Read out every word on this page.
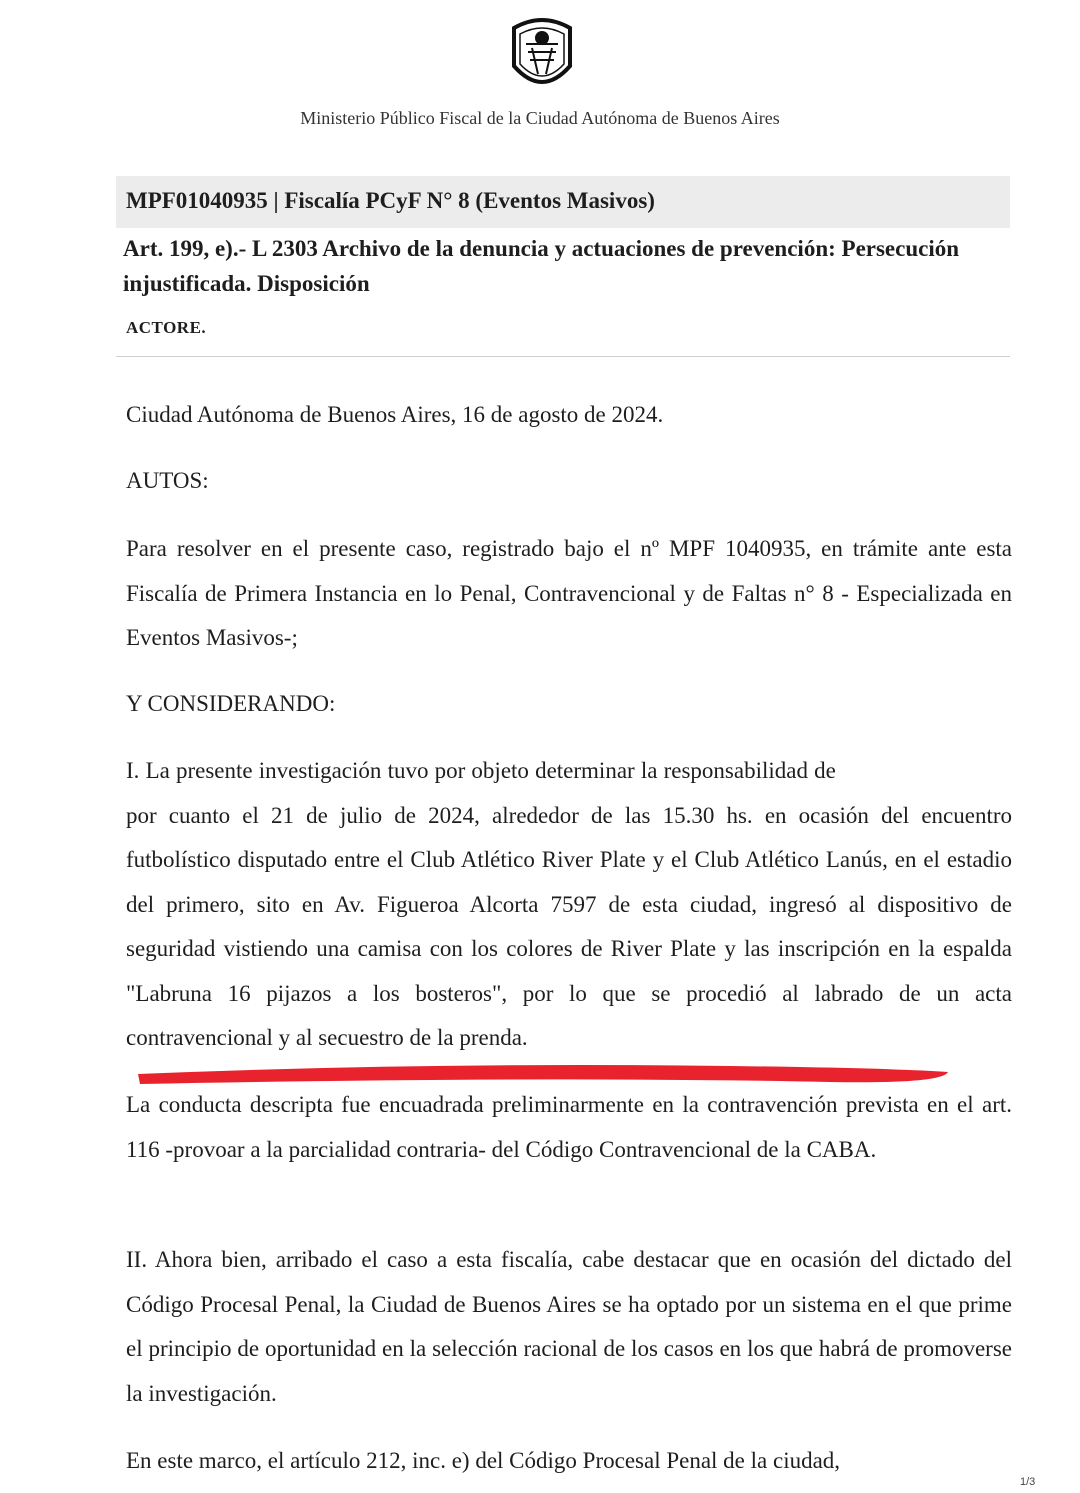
Ministerio Público Fiscal de la Ciudad Autónoma de Buenos Aires
MPF01040935 | Fiscalía PCyF N° 8 (Eventos Masivos)
Art. 199, e).- L 2303 Archivo de la denuncia y actuaciones de prevención: Persecución injustificada. Disposición
ACTORE.
Ciudad Autónoma de Buenos Aires, 16 de agosto de 2024.
AUTOS:
Para resolver en el presente caso, registrado bajo el nº MPF 1040935, en trámite ante esta Fiscalía de Primera Instancia en lo Penal, Contravencional y de Faltas n° 8 - Especializada en Eventos Masivos-;
Y CONSIDERANDO:
I. La presente investigación tuvo por objeto determinar la responsabilidad de  por cuanto el 21 de julio de 2024, alrededor de las 15.30 hs. en ocasión del encuentro futbolístico disputado entre el Club Atlético River Plate y el Club Atlético Lanús, en el estadio del primero, sito en Av. Figueroa Alcorta 7597 de esta ciudad, ingresó al dispositivo de seguridad vistiendo una camisa con los colores de River Plate y las inscripción en la espalda "Labruna 16 pijazos a los bosteros", por lo que se procedió al labrado de un acta contravencional y al secuestro de la prenda.
La conducta descripta fue encuadrada preliminarmente en la contravención prevista en el art. 116 -provoar a la parcialidad contraria- del Código Contravencional de la CABA.
II. Ahora bien, arribado el caso a esta fiscalía, cabe destacar que en ocasión del dictado del Código Procesal Penal, la Ciudad de Buenos Aires se ha optado por un sistema en el que prime el principio de oportunidad en la selección racional de los casos en los que habrá de promoverse la investigación.
En este marco, el artículo 212, inc. e) del Código Procesal Penal de la ciudad,
1/3
